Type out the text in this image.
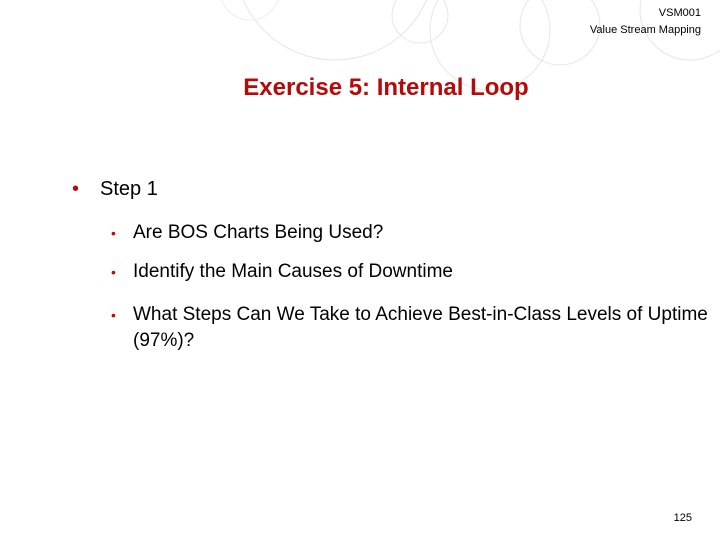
VSM001
Value Stream Mapping
Exercise 5: Internal Loop
•	Step 1
• Are BOS Charts Being Used?
• Identify the Main Causes of Downtime
• What Steps Can We Take to Achieve Best-in-Class Levels of Uptime (97%)?
125
